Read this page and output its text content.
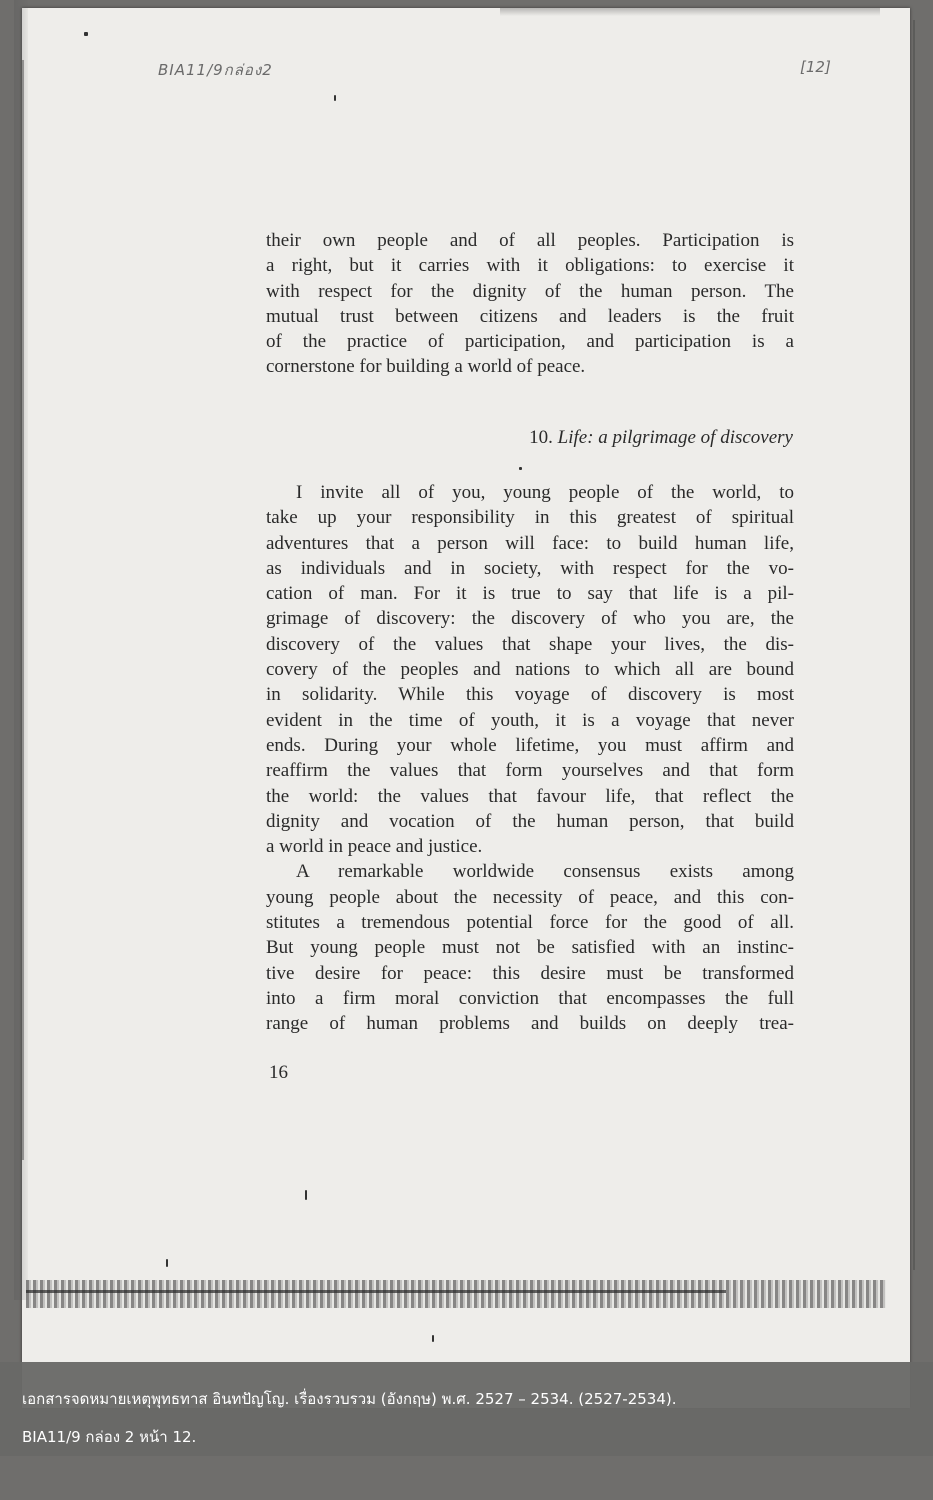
BIA11/9กล่อง2	[12]
their own people and of all peoples. Participation is
a right, but it carries with it obligations: to exercise it
with respect for the dignity of the human person. The
mutual trust between citizens and leaders is the fruit
of the practice of participation, and participation is a
cornerstone for building a world of peace.
10. Life: a pilgrimage of discovery
I invite all of you, young people of the world, to
take up your responsibility in this greatest of spiritual
adventures that a person will face: to build human life,
as individuals and in society, with respect for the vo-
cation of man. For it is true to say that life is a pil-
grimage of discovery: the discovery of who you are, the
discovery of the values that shape your lives, the dis-
covery of the peoples and nations to which all are bound
in solidarity. While this voyage of discovery is most
evident in the time of youth, it is a voyage that never
ends. During your whole lifetime, you must affirm and
reaffirm the values that form yourselves and that form
the world: the values that favour life, that reflect the
dignity and vocation of the human person, that build
a world in peace and justice.
A remarkable worldwide consensus exists among
young people about the necessity of peace, and this con-
stitutes a tremendous potential force for the good of all.
But young people must not be satisfied with an instinc-
tive desire for peace: this desire must be transformed
into a firm moral conviction that encompasses the full
range of human problems and builds on deeply trea-
16
เอกสารจดหมายเหตุพุทธทาส อินทปัญโญ. เรื่องรวบรวม (อังกฤษ) พ.ศ. 2527 – 2534. (2527-2534).
BIA11/9 กล่อง 2 หน้า 12.
